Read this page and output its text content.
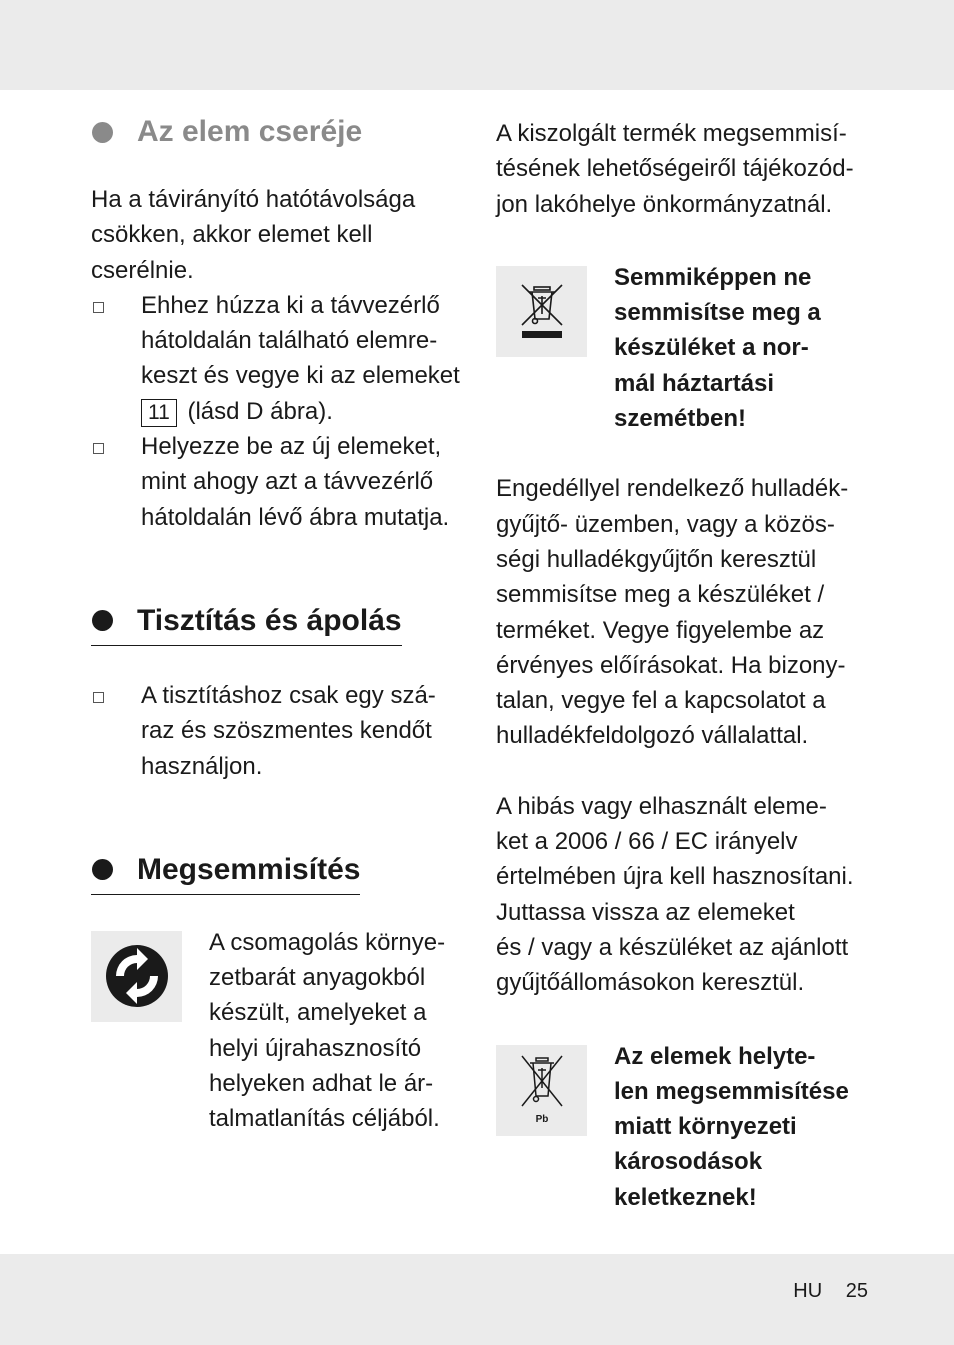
Az elem cseréje

Ha a távirányító hatótávolsága

csökken, akkor elemet kell

cserélnie.

Ehhez húzza ki a távvezérlő
hátoldalán található elemre-
keszt és vegye ki az elemeket
11 (lásd D ábra).
Helyezze be az új elemeket,
mint ahogy azt a távvezérlő
hátoldalán lévő ábra mutatja.
Tisztítás és ápolás
A tisztításhoz csak egy szá-
raz és szöszmentes kendőt
használjon.
Megsemmisítés

A csomagolás környe-

zetbarát anyagokból

készült, amelyeket a

helyi újrahasznosító

helyeken adhat le ár-

talmatlanítás céljából.

A kiszolgált termék megsemmisí-

tésének lehetőségeiről tájékozód-

jon lakóhelye önkormányzatnál.

Semmiképpen ne

semmisítse meg a

készüléket a nor-

mál háztartási

szemétben!

Engedéllyel rendelkező hulladék-

gyűjtő- üzemben, vagy a közös-

ségi hulladékgyűjtőn keresztül

semmisítse meg a készüléket /

terméket. Vegye figyelembe az

érvényes előírásokat. Ha bizony-

talan, vegye fel a kapcsolatot a

hulladékfeldolgozó vállalattal.

A hibás vagy elhasznált eleme-

ket a 2006 / 66 / EC irányelv

értelmében újra kell hasznosítani.

Juttassa vissza az elemeket

és / vagy a készüléket az ajánlott

gyűjtőállomásokon keresztül.

Pb

Az elemek helyte-

len megsemmisítése

miatt környezeti

károsodások

keletkeznek!

HU 25
